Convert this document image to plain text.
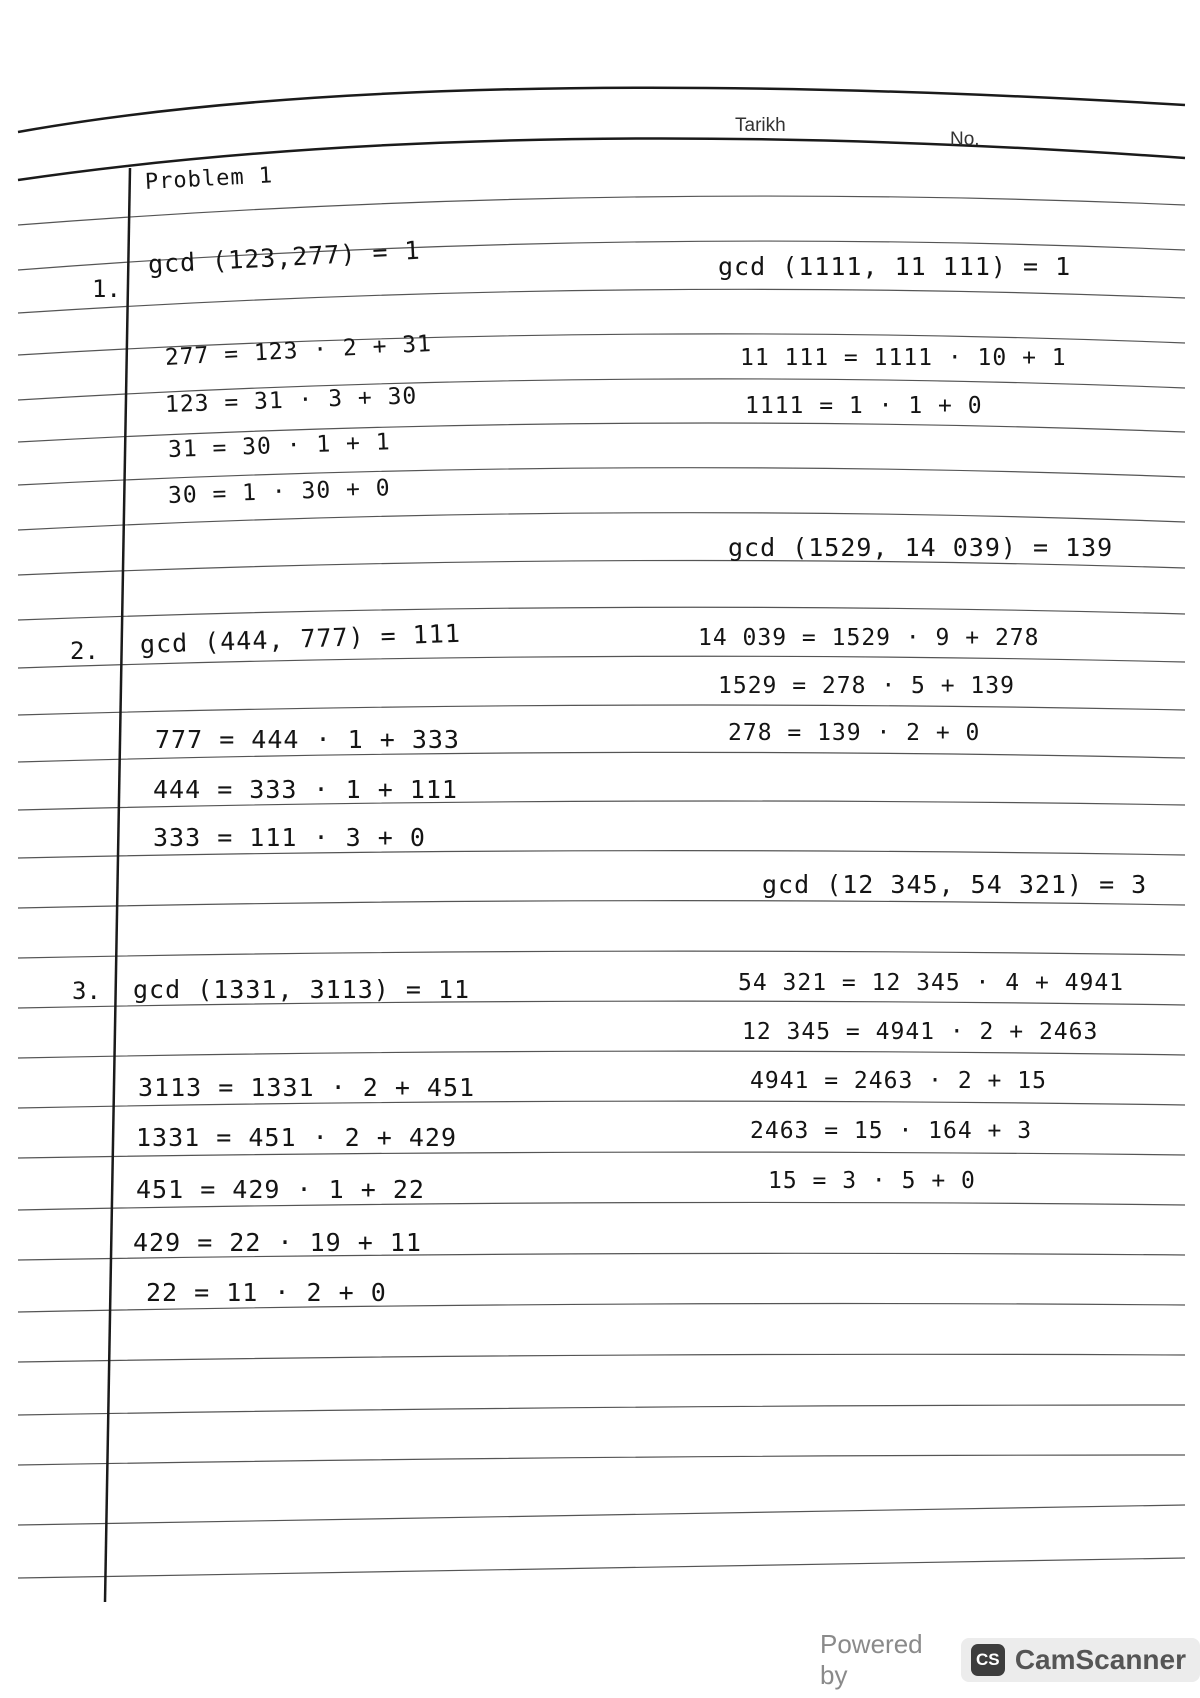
Tarikh
No.
Problem 1
1.
gcd (123,277) = 1
277 = 123 · 2 + 31
123 = 31 · 3 + 30
31 = 30 · 1 + 1
30 = 1 · 30 + 0
2. gcd (444, 777) = 111
777 = 444 · 1 + 333
444 = 333 · 1 + 111
333 = 111 · 3 + 0
3. gcd (1331, 3113) = 11
3113 = 1331 · 2 + 451
1331 = 451 · 2 + 429
451 = 429 · 1 + 22
429 = 22 · 19 + 11
22 = 11 · 2 + 0
gcd (1111, 11 111) = 1
11 111 = 1111 · 10 + 1
1111 = 1 · 1 + 0
gcd (1529, 14 039) = 139
14 039 = 1529 · 9 + 278
1529 = 278 · 5 + 139
278 = 139 · 2 + 0
gcd (12 345, 54 321) = 3
54 321 = 12 345 · 4 + 4941
12 345 = 4941 · 2 + 2463
4941 = 2463 · 2 + 15
2463 = 15 · 164 + 3
15 = 3 · 5 + 0
Powered by
CS CamScanner
